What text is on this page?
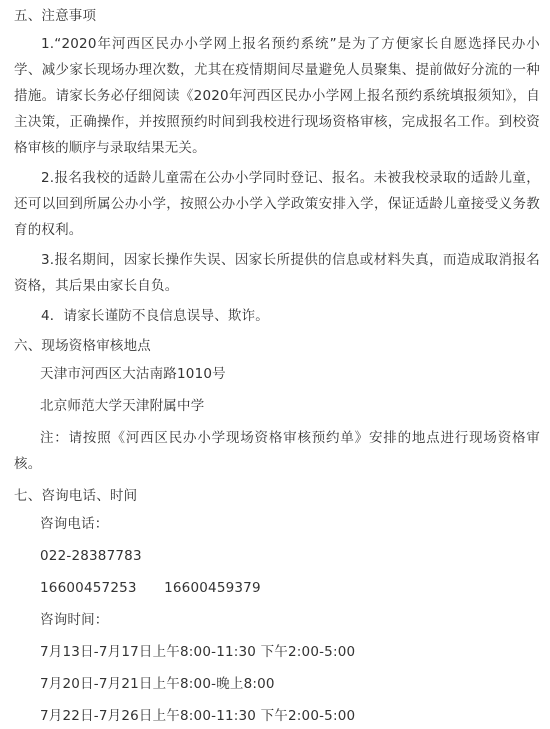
五、注意事项

1.“2020年河西区民办小学网上报名预约系统”是为了方便家长自愿选择民办小学、减少家长现场办理次数，尤其在疫情期间尽量避免人员聚集、提前做好分流的一种措施。请家长务必仔细阅读《2020年河西区民办小学网上报名预约系统填报须知》，自主决策，正确操作，并按照预约时间到我校进行现场资格审核，完成报名工作。到校资格审核的顺序与录取结果无关。

2.报名我校的适龄儿童需在公办小学同时登记、报名。未被我校录取的适龄儿童，还可以回到所属公办小学，按照公办小学入学政策安排入学，保证适龄儿童接受义务教育的权利。

3.报名期间，因家长操作失误、因家长所提供的信息或材料失真，而造成取消报名资格，其后果由家长自负。

4．请家长谨防不良信息误导、欺诈。

六、现场资格审核地点

天津市河西区大沽南路1010号

北京师范大学天津附属中学

注：请按照《河西区民办小学现场资格审核预约单》安排的地点进行现场资格审核。

七、咨询电话、时间

咨询电话：

022-28387783

16600457253　　16600459379

咨询时间：

7月13日-7月17日上午8:00-11:30 下午2:00-5:00

7月20日-7月21日上午8:00-晚上8:00

7月22日-7月26日上午8:00-11:30 下午2:00-5:00
